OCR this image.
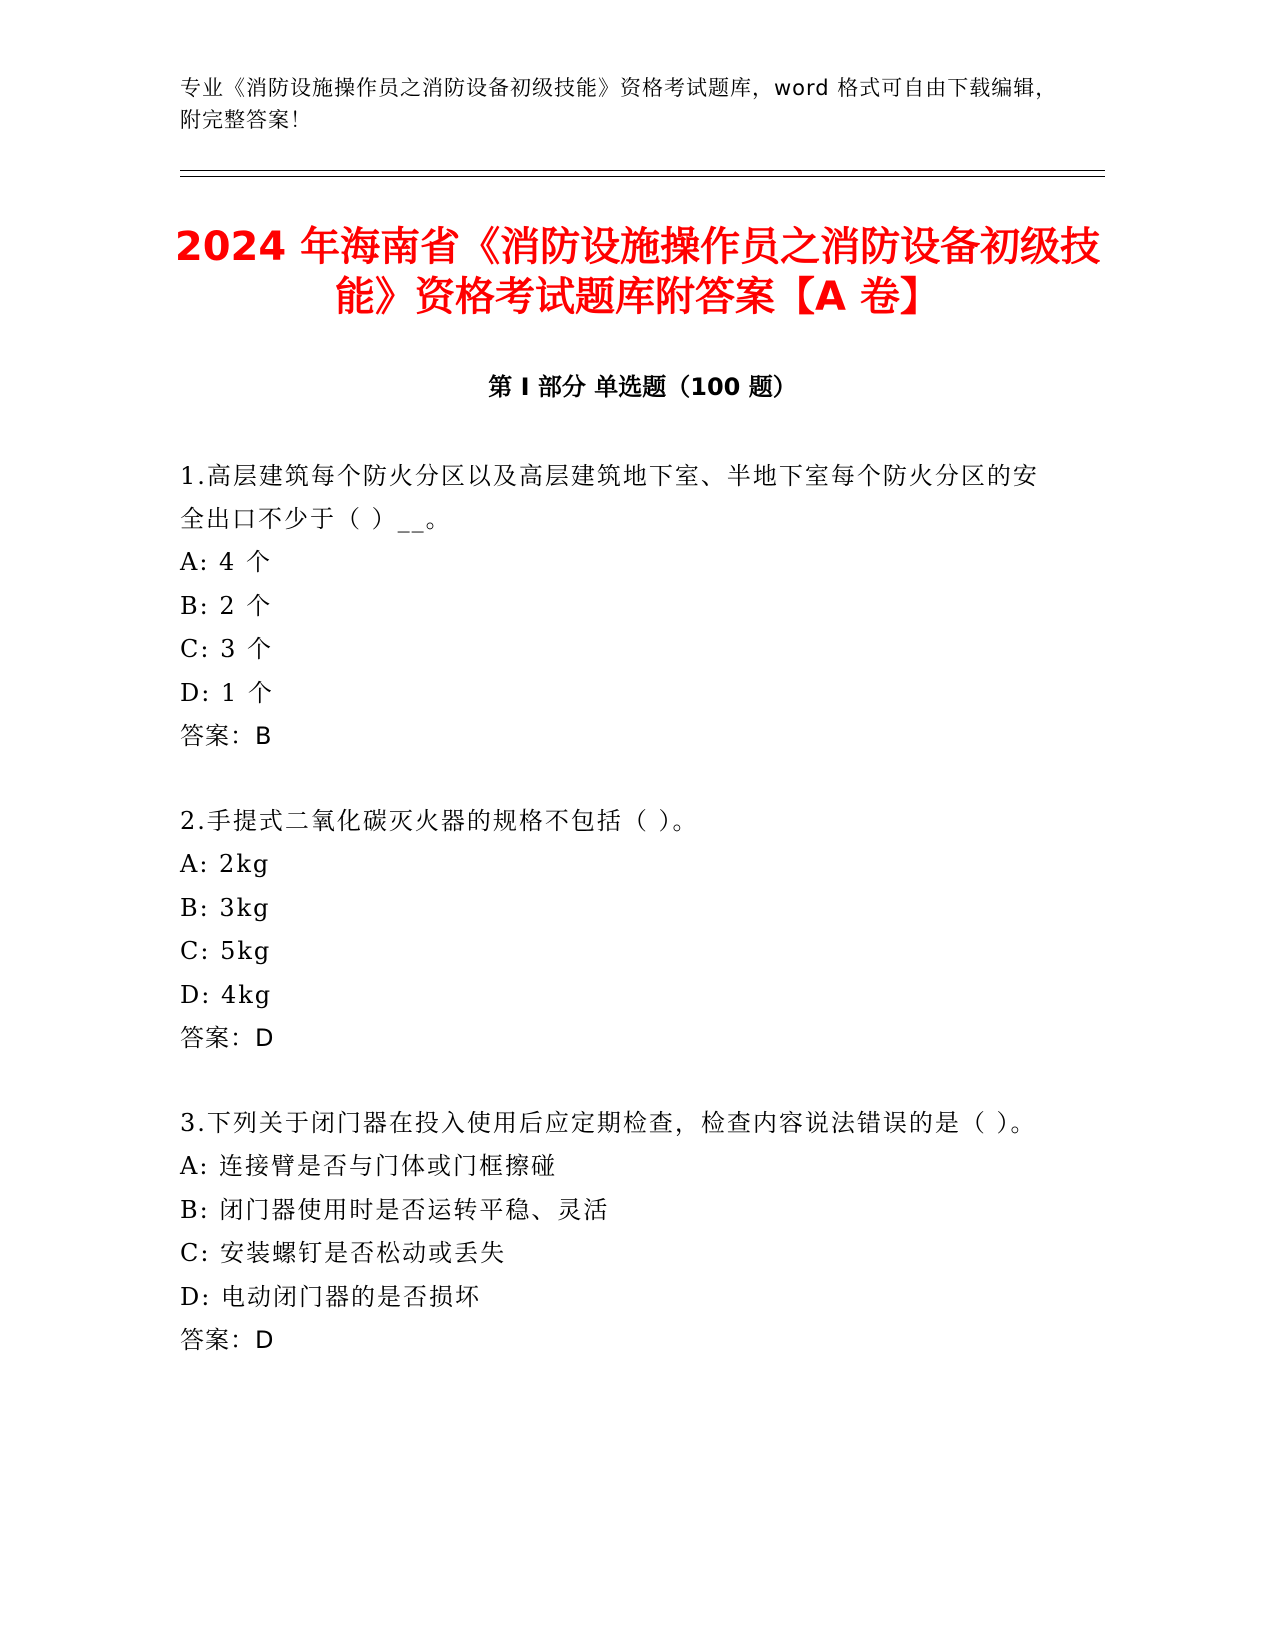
专业《消防设施操作员之消防设备初级技能》资格考试题库，word 格式可自由下载编辑，附完整答案！
2024 年海南省《消防设施操作员之消防设备初级技能》资格考试题库附答案【A 卷】
第 I 部分 单选题（100 题）
1.高层建筑每个防火分区以及高层建筑地下室、半地下室每个防火分区的安全出口不少于（ ）__。
A: 4 个
B: 2 个
C: 3 个
D: 1 个
答案：B
2.手提式二氧化碳灭火器的规格不包括（ ）。
A: 2kg
B: 3kg
C: 5kg
D: 4kg
答案：D
3.下列关于闭门器在投入使用后应定期检查，检查内容说法错误的是（ ）。
A: 连接臂是否与门体或门框擦碰
B: 闭门器使用时是否运转平稳、灵活
C: 安装螺钉是否松动或丢失
D: 电动闭门器的是否损坏
答案：D
